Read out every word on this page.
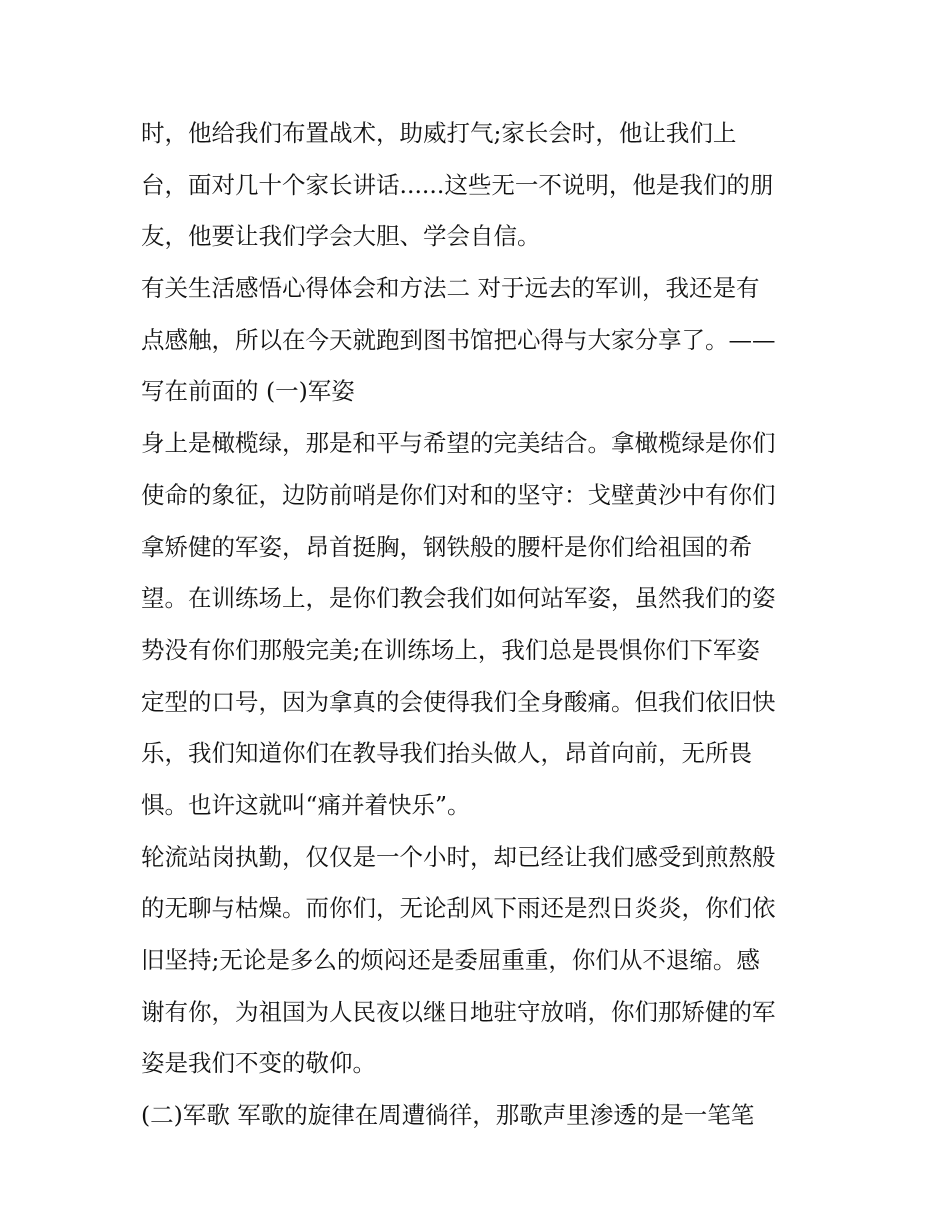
时，他给我们布置战术，助威打气;家长会时，他让我们上
台，面对几十个家长讲话......这些无一不说明，他是我们的朋
友，他要让我们学会大胆、学会自信。
有关生活感悟心得体会和方法二 对于远去的军训，我还是有
点感触，所以在今天就跑到图书馆把心得与大家分享了。——
写在前面的 (一)军姿
身上是橄榄绿，那是和平与希望的完美结合。拿橄榄绿是你们
使命的象征，边防前哨是你们对和的坚守：戈壁黄沙中有你们
拿矫健的军姿，昂首挺胸，钢铁般的腰杆是你们给祖国的希
望。在训练场上，是你们教会我们如何站军姿，虽然我们的姿
势没有你们那般完美;在训练场上，我们总是畏惧你们下军姿
定型的口号，因为拿真的会使得我们全身酸痛。但我们依旧快
乐，我们知道你们在教导我们抬头做人，昂首向前，无所畏
惧。也许这就叫“痛并着快乐”。
轮流站岗执勤，仅仅是一个小时，却已经让我们感受到煎熬般
的无聊与枯燥。而你们，无论刮风下雨还是烈日炎炎，你们依
旧坚持;无论是多么的烦闷还是委屈重重，你们从不退缩。感
谢有你，为祖国为人民夜以继日地驻守放哨，你们那矫健的军
姿是我们不变的敬仰。
(二)军歌 军歌的旋律在周遭徜徉，那歌声里渗透的是一笔笔
